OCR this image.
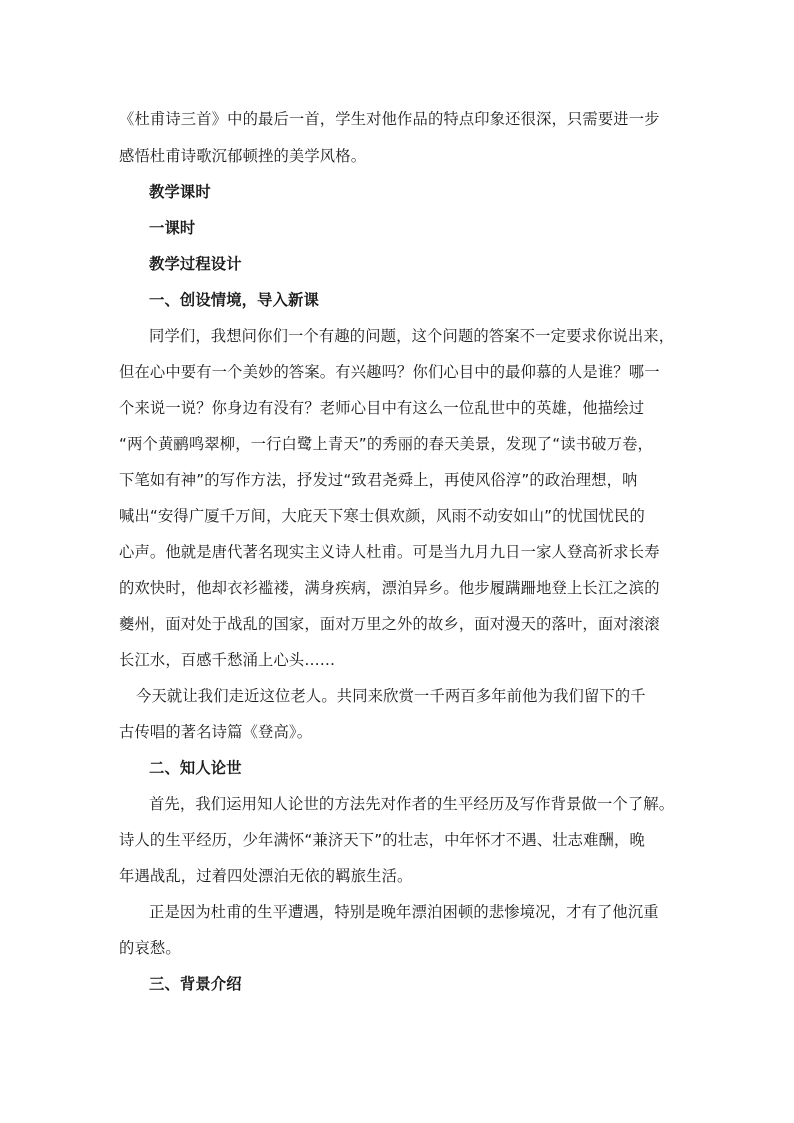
《杜甫诗三首》中的最后一首，学生对他作品的特点印象还很深，只需要进一步
感悟杜甫诗歌沉郁顿挫的美学风格。
教学课时
一课时
教学过程设计
一、创设情境，导入新课
同学们，我想问你们一个有趣的问题，这个问题的答案不一定要求你说出来，
但在心中要有一个美妙的答案。有兴趣吗？你们心目中的最仰慕的人是谁？哪一
个来说一说？你身边有没有？老师心目中有这么一位乱世中的英雄，他描绘过
“两个黄鹂鸣翠柳，一行白鹭上青天”的秀丽的春天美景，发现了“读书破万卷，
下笔如有神”的写作方法，抒发过“致君尧舜上，再使风俗淳”的政治理想，呐
喊出“安得广厦千万间，大庇天下寒士俱欢颜，风雨不动安如山”的忧国忧民的
心声。他就是唐代著名现实主义诗人杜甫。可是当九月九日一家人登高祈求长寿
的欢快时，他却衣衫褴褛，满身疾病，漂泊异乡。他步履蹒跚地登上长江之滨的
夔州，面对处于战乱的国家，面对万里之外的故乡，面对漫天的落叶，面对滚滚
长江水，百感千愁涌上心头……
今天就让我们走近这位老人。共同来欣赏一千两百多年前他为我们留下的千
古传唱的著名诗篇《登高》。
二、知人论世
首先，我们运用知人论世的方法先对作者的生平经历及写作背景做一个了解。
诗人的生平经历，少年满怀“兼济天下”的壮志，中年怀才不遇、壮志难酬，晚
年遇战乱，过着四处漂泊无依的羁旅生活。
正是因为杜甫的生平遭遇，特别是晚年漂泊困顿的悲惨境况，才有了他沉重
的哀愁。
三、背景介绍
